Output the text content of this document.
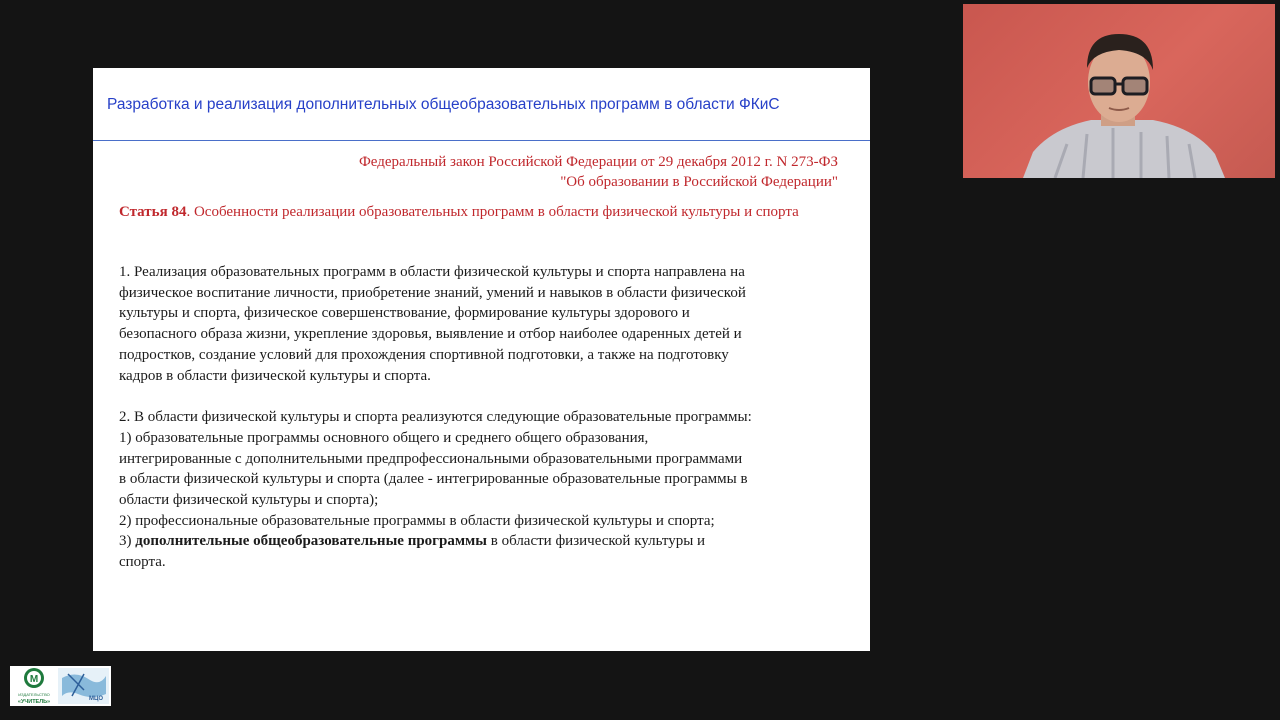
Разработка и реализация дополнительных общеобразовательных программ в области ФКиС
Федеральный закон Российской Федерации от 29 декабря 2012 г. N 273-ФЗ
"Об образовании в Российской Федерации"
Статья 84. Особенности реализации образовательных программ в области физической культуры и спорта

1. Реализация образовательных программ в области физической культуры и спорта направлена на
физическое воспитание личности, приобретение знаний, умений и навыков в области физической
культуры и спорта, физическое совершенствование, формирование культуры здорового и
безопасного образа жизни, укрепление здоровья, выявление и отбор наиболее одаренных детей и
подростков, создание условий для прохождения спортивной подготовки, а также на подготовку
кадров в области физической культуры и спорта.

2. В области физической культуры и спорта реализуются следующие образовательные программы:
1) образовательные программы основного общего и среднего общего образования,
интегрированные с дополнительными предпрофессиональными образовательными программами
в области физической культуры и спорта (далее - интегрированные образовательные программы в
области физической культуры и спорта);
2) профессиональные образовательные программы в области физической культуры и спорта;
3) дополнительные общеобразовательные программы в области физической культуры и
спорта.

М
ИЗДАТЕЛЬСТВО
«УЧИТЕЛЬ»	МЦО
